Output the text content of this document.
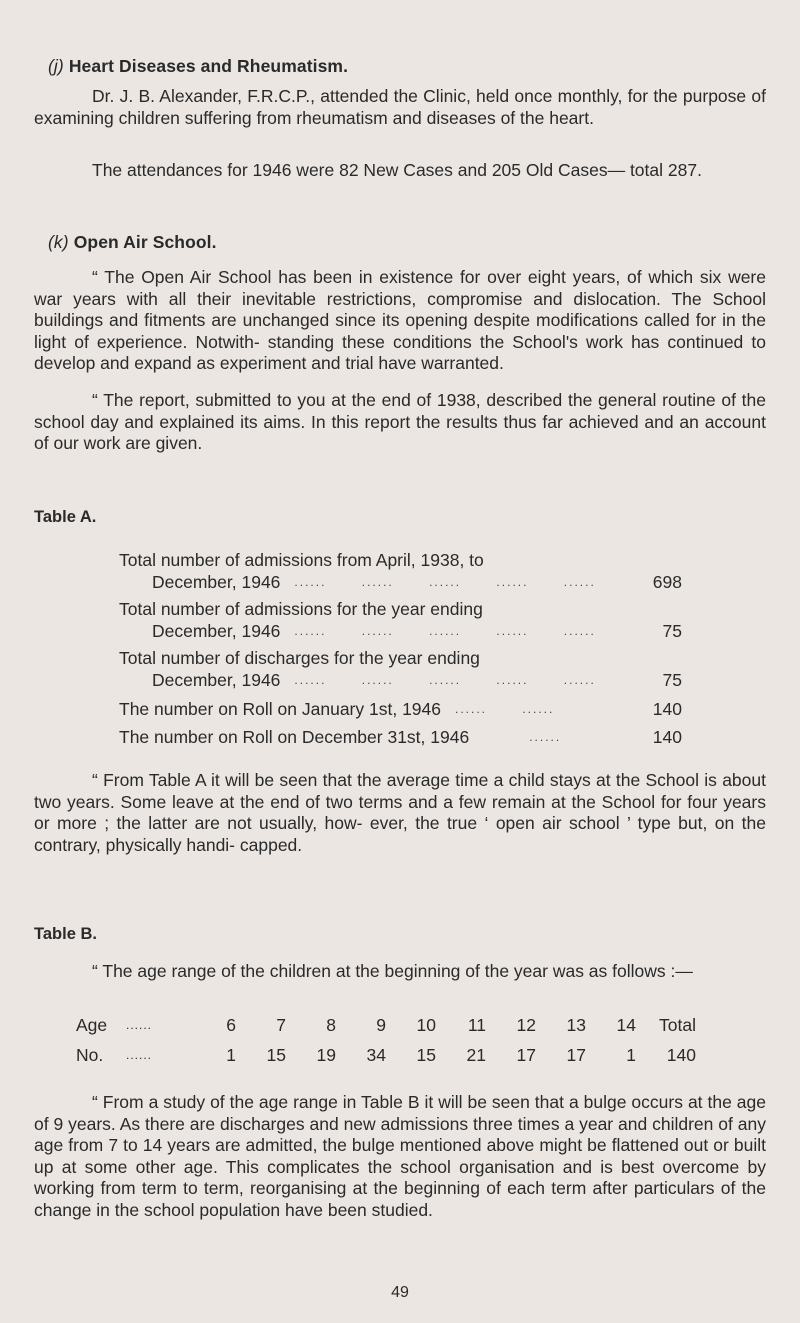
(j) Heart Diseases and Rheumatism.
Dr. J. B. Alexander, F.R.C.P., attended the Clinic, held once monthly, for the purpose of examining children suffering from rheumatism and diseases of the heart.
The attendances for 1946 were 82 New Cases and 205 Old Cases— total 287.
(k) Open Air School.
“ The Open Air School has been in existence for over eight years, of which six were war years with all their inevitable restrictions, compromise and dislocation. The School buildings and fitments are unchanged since its opening despite modifications called for in the light of experience. Notwith- standing these conditions the School's work has continued to develop and expand as experiment and trial have warranted.
“ The report, submitted to you at the end of 1938, described the general routine of the school day and explained its aims. In this report the results thus far achieved and an account of our work are given.
Table A.
Total number of admissions from April, 1938, to
December, 1946	...... ...... ...... ...... ......	698
Total number of admissions for the year ending
December, 1946	...... ...... ...... ...... ......	75
Total number of discharges for the year ending
December, 1946	...... ...... ...... ...... ......	75
The number on Roll on January 1st, 1946	...... ......	140
The number on Roll on December 31st, 1946	......	140
“ From Table A it will be seen that the average time a child stays at the School is about two years. Some leave at the end of two terms and a few remain at the School for four years or more ; the latter are not usually, how- ever, the true ‘ open air school ’ type but, on the contrary, physically handi- capped.
Table B.
“ The age range of the children at the beginning of the year was as follows :—
Age	......	6	7	8	9	10	11	12	13	14	Total
No.	......	1	15	19	34	15	21	17	17	1	140
“ From a study of the age range in Table B it will be seen that a bulge occurs at the age of 9 years. As there are discharges and new admissions three times a year and children of any age from 7 to 14 years are admitted, the bulge mentioned above might be flattened out or built up at some other age. This complicates the school organisation and is best overcome by working from term to term, reorganising at the beginning of each term after particulars of the change in the school population have been studied.
49
